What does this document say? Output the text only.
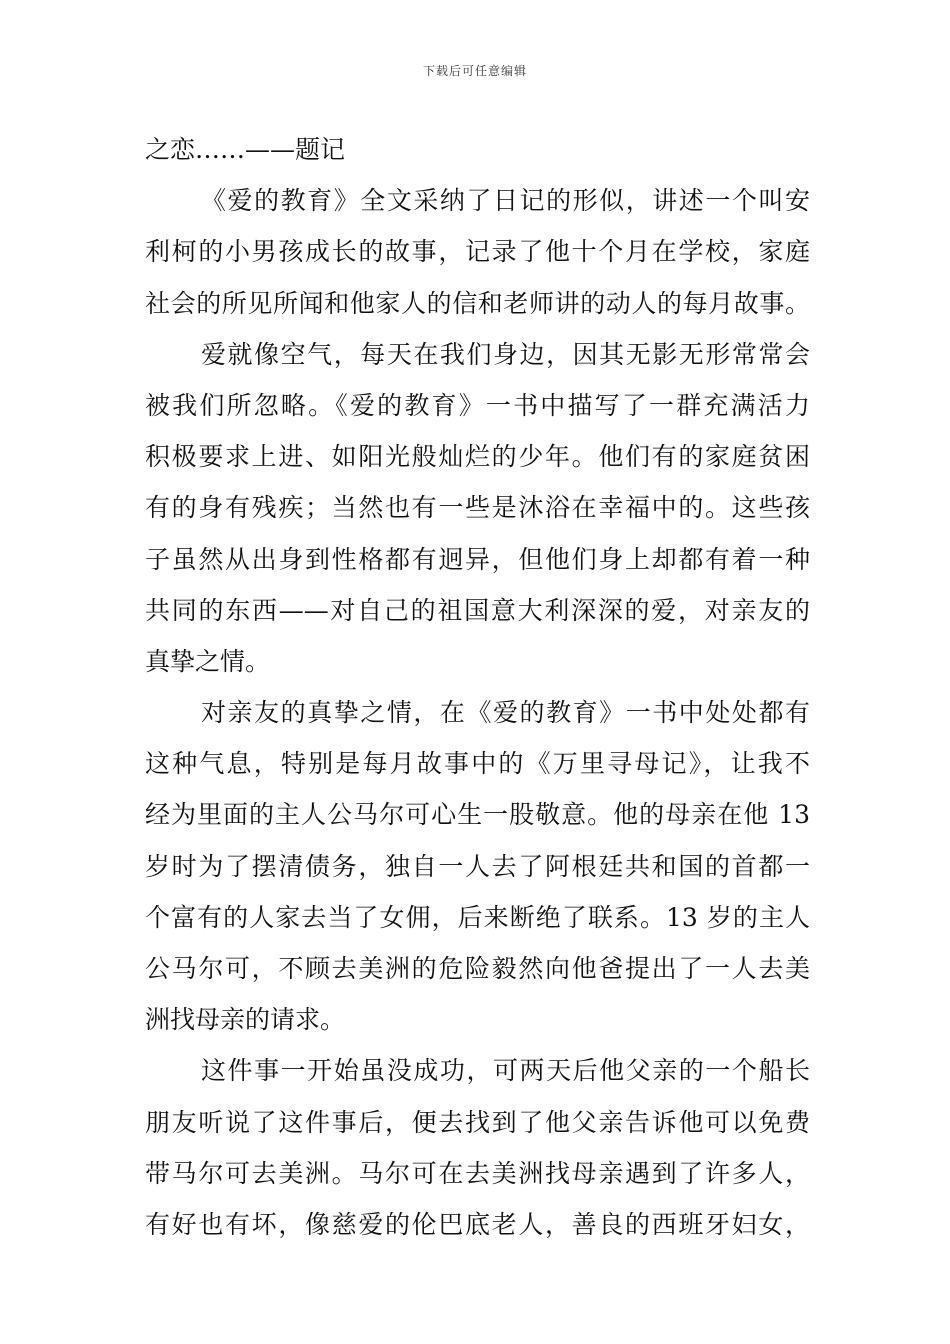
下载后可任意编辑
之恋……——题记
《爱的教育》全文采纳了日记的形似，讲述一个叫安
利柯的小男孩成长的故事，记录了他十个月在学校，家庭
社会的所见所闻和他家人的信和老师讲的动人的每月故事。
爱就像空气，每天在我们身边，因其无影无形常常会
被我们所忽略。《爱的教育》一书中描写了一群充满活力
积极要求上进、如阳光般灿烂的少年。他们有的家庭贫困
有的身有残疾；当然也有一些是沐浴在幸福中的。这些孩
子虽然从出身到性格都有迥异，但他们身上却都有着一种
共同的东西——对自己的祖国意大利深深的爱，对亲友的
真挚之情。
对亲友的真挚之情，在《爱的教育》一书中处处都有
这种气息，特别是每月故事中的《万里寻母记》，让我不
经为里面的主人公马尔可心生一股敬意。他的母亲在他 13
岁时为了摆清债务，独自一人去了阿根廷共和国的首都一
个富有的人家去当了女佣，后来断绝了联系。13 岁的主人
公马尔可，不顾去美洲的危险毅然向他爸提出了一人去美
洲找母亲的请求。
这件事一开始虽没成功，可两天后他父亲的一个船长
朋友听说了这件事后，便去找到了他父亲告诉他可以免费
带马尔可去美洲。马尔可在去美洲找母亲遇到了许多人，
有好也有坏，像慈爱的伦巴底老人，善良的西班牙妇女，
